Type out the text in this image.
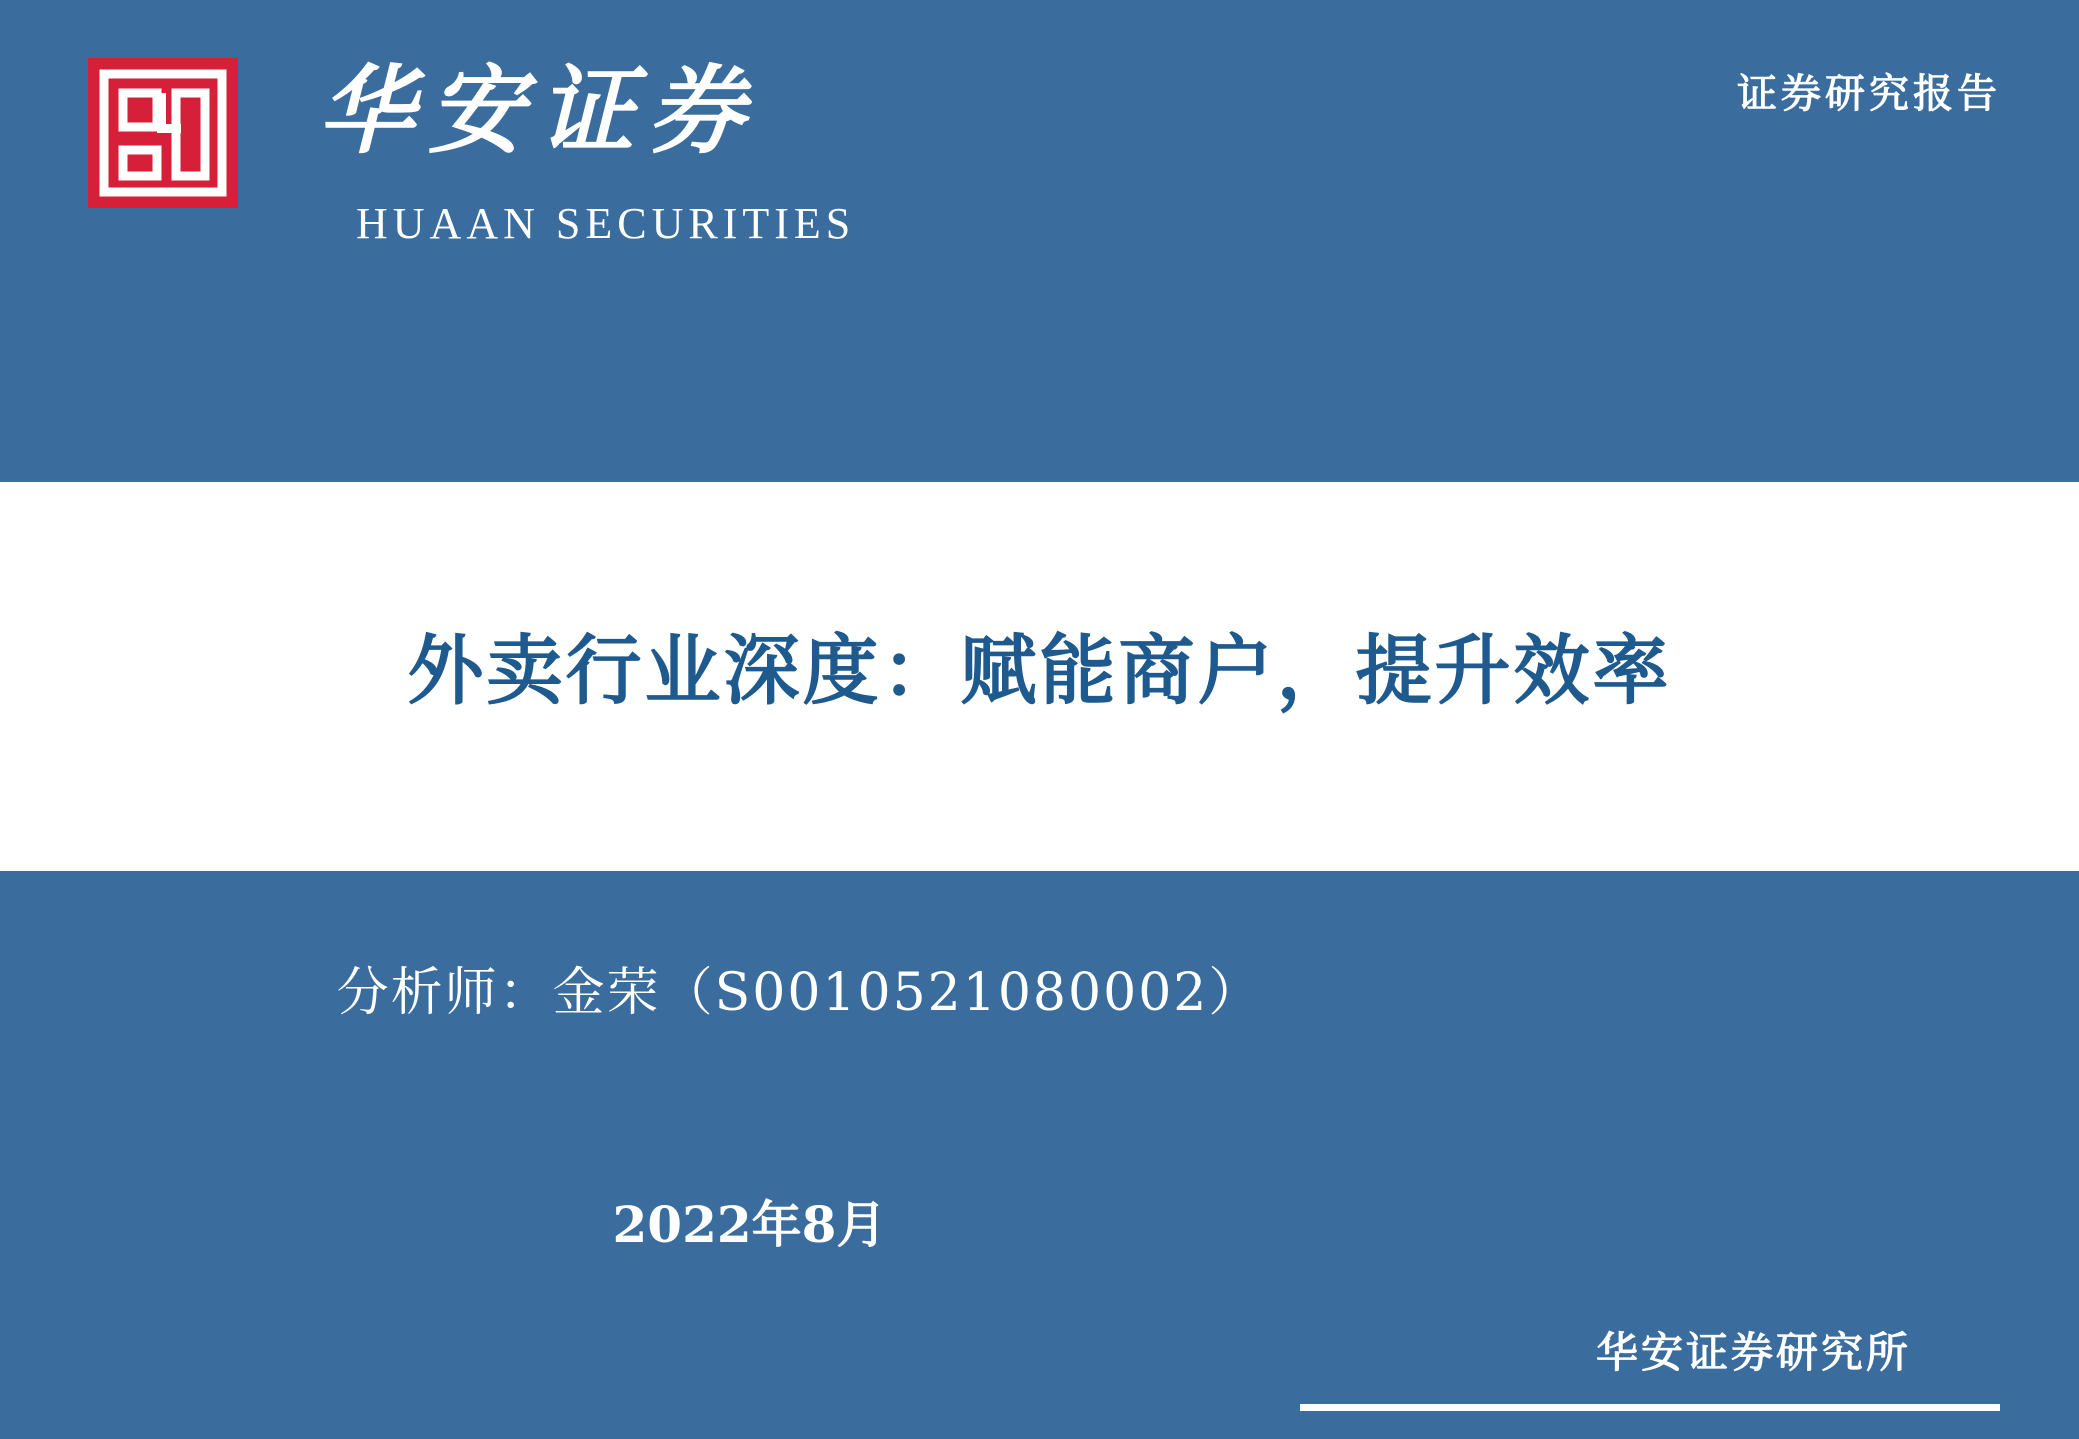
华安证券
HUAAN SECURITIES
证券研究报告
外卖行业深度：赋能商户，提升效率
分析师：金荣（S0010521080002）
2022年8月
华安证券研究所
